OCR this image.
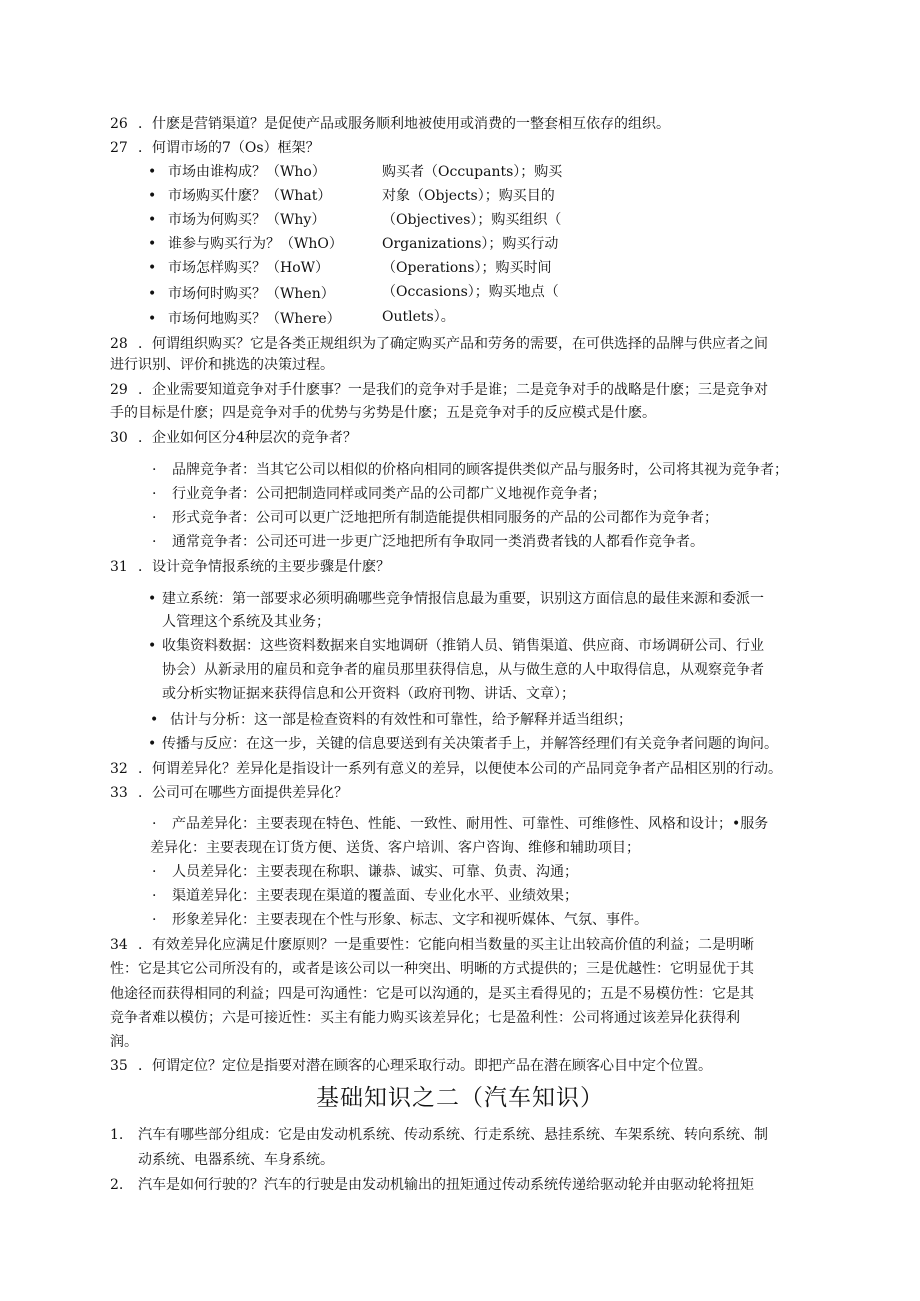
26 ．什麽是营销渠道？是促使产品或服务顺利地被使用或消费的一整套相互依存的组织。
27 ．何谓市场的7（Os）框架？
• 市场由谁构成？（Who）
• 市场购买什麽？（What）
• 市场为何购买？（Why）
• 谁参与购买行为？（WhO）
• 市场怎样购买？（HoW）
• 市场何时购买？（When）
• 市场何地购买？（Where）
购买者（Occupants）；购买
对象（Objects）；购买目的
（Objectives）；购买组织（
Organizations）；购买行动
（Operations）；购买时间
（Occasions）；购买地点（
Outlets）。
28 ．何谓组织购买？它是各类正规组织为了确定购买产品和劳务的需要，在可供选择的品牌与供应者之间
进行识别、评价和挑选的决策过程。
29 ．企业需要知道竞争对手什麽事？一是我们的竞争对手是谁；二是竞争对手的战略是什麽；三是竞争对
手的目标是什麽；四是竞争对手的优势与劣势是什麽；五是竞争对手的反应模式是什麽。
30 ．企业如何区分4种层次的竞争者？
· 品牌竞争者：当其它公司以相似的价格向相同的顾客提供类似产品与服务时，公司将其视为竞争者；
· 行业竞争者：公司把制造同样或同类产品的公司都广义地视作竞争者；
· 形式竞争者：公司可以更广泛地把所有制造能提供相同服务的产品的公司都作为竞争者；
· 通常竞争者：公司还可进一步更广泛地把所有争取同一类消费者钱的人都看作竞争者。
31 ．设计竞争情报系统的主要步骤是什麽？
• 建立系统：第一部要求必须明确哪些竞争情报信息最为重要，识别这方面信息的最佳来源和委派一
人管理这个系统及其业务；
• 收集资料数据：这些资料数据来自实地调研（推销人员、销售渠道、供应商、市场调研公司、行业
协会）从新录用的雇员和竞争者的雇员那里获得信息，从与做生意的人中取得信息，从观察竞争者
或分析实物证据来获得信息和公开资料（政府刊物、讲话、文章）；
• 估计与分析：这一部是检查资料的有效性和可靠性，给予解释并适当组织；
• 传播与反应：在这一步，关键的信息要送到有关决策者手上，并解答经理们有关竞争者问题的询问。
32 ．何谓差异化？差异化是指设计一系列有意义的差异，以便使本公司的产品同竞争者产品相区别的行动。
33 ．公司可在哪些方面提供差异化？
· 产品差异化：主要表现在特色、性能、一致性、耐用性、可靠性、可维修性、风格和设计；•服务
差异化：主要表现在订货方便、送货、客户培训、客户咨询、维修和辅助项目；
· 人员差异化：主要表现在称职、谦恭、诚实、可靠、负责、沟通；
· 渠道差异化：主要表现在渠道的覆盖面、专业化水平、业绩效果；
· 形象差异化：主要表现在个性与形象、标志、文字和视听媒体、气氛、事件。
34 ．有效差异化应满足什麽原则？一是重要性：它能向相当数量的买主让出较高价值的利益；二是明晰
性：它是其它公司所没有的，或者是该公司以一种突出、明晰的方式提供的；三是优越性：它明显优于其
他途径而获得相同的利益；四是可沟通性：它是可以沟通的，是买主看得见的；五是不易模仿性：它是其
竞争者难以模仿；六是可接近性：买主有能力购买该差异化；七是盈利性：公司将通过该差异化获得利
润。
35 ．何谓定位？定位是指要对潜在顾客的心理采取行动。即把产品在潜在顾客心目中定个位置。
基础知识之二（汽车知识）
1. 汽车有哪些部分组成：它是由发动机系统、传动系统、行走系统、悬挂系统、车架系统、转向系统、制
动系统、电器系统、车身系统。
2. 汽车是如何行驶的？汽车的行驶是由发动机输出的扭矩通过传动系统传递给驱动轮并由驱动轮将扭矩
